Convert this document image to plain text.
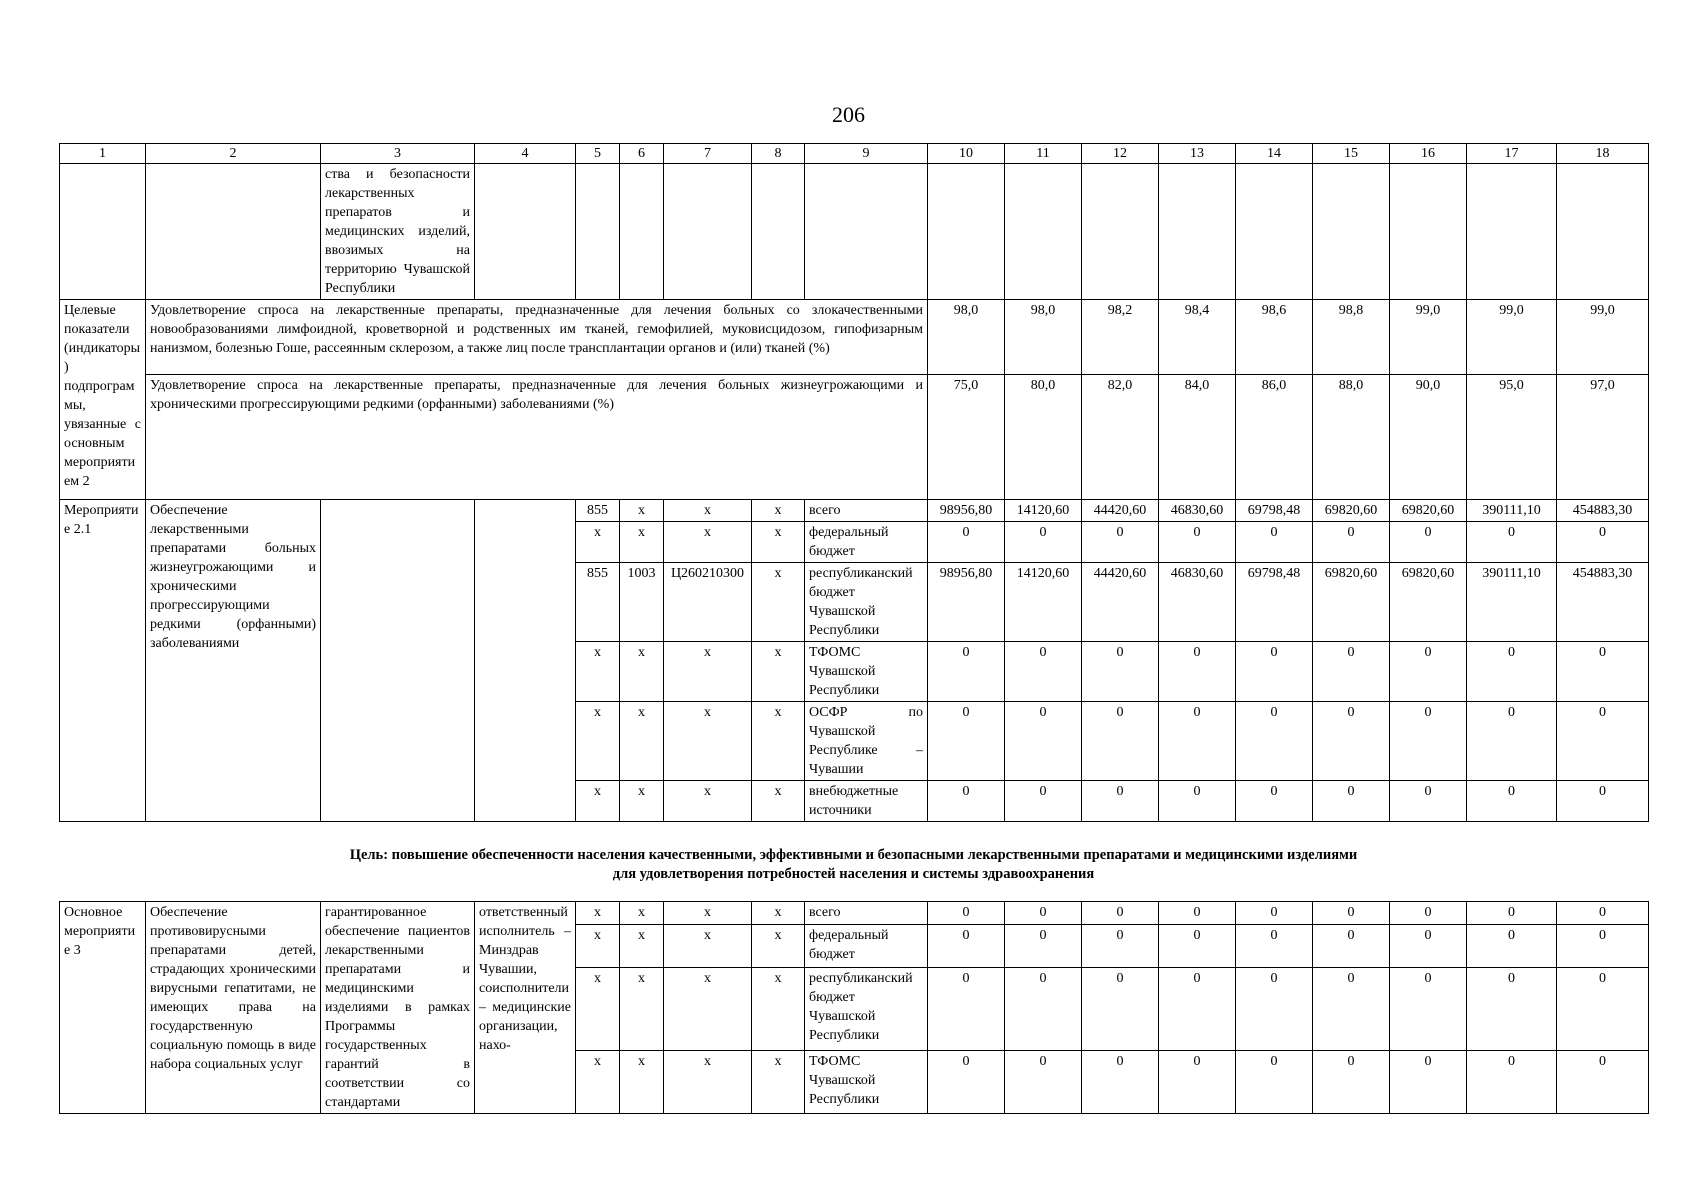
206
1	2	3	4	5	6	7	8	9	10	11	12	13	14	15	16	17	18
		ства и безопасности лекарственных препаратов и медицинских изделий, ввозимых на территорию Чувашской Республики															
Целевые показатели (индикаторы) подпрограммы, увязанные с основным мероприятием 2	Удовлетворение спроса на лекарственные препараты, предназначенные для лечения больных со злокачественными новообразованиями лимфоидной, кроветворной и родственных им тканей, гемофилией, муковисцидозом, гипофизарным нанизмом, болезнью Гоше, рассеянным склерозом, а также лиц после трансплантации органов и (или) тканей (%)								98,0	98,0	98,2	98,4	98,6	98,8	99,0	99,0	99,0
	Удовлетворение спроса на лекарственные препараты, предназначенные для лечения больных жизнеугрожающими и хроническими прогрессирующими редкими (орфанными) заболеваниями (%)								75,0	80,0	82,0	84,0	86,0	88,0	90,0	95,0	97,0
Мероприятие 2.1	Обеспечение лекарственными препаратами больных жизнеугрожающими и хроническими прогрессирующими редкими (орфанными) заболеваниями			855	x	x	x	всего	98956,80	14120,60	44420,60	46830,60	69798,48	69820,60	69820,60	390111,10	454883,30
				x	x	x	x	федеральный бюджет	0	0	0	0	0	0	0	0	0
				855	1003	Ц260210300	x	республиканский бюджет Чувашской Республики	98956,80	14120,60	44420,60	46830,60	69798,48	69820,60	69820,60	390111,10	454883,30
				x	x	x	x	ТФОМС Чувашской Республики	0	0	0	0	0	0	0	0	0
				x	x	x	x	ОСФР по Чувашской Республике – Чувашии	0	0	0	0	0	0	0	0	0
				x	x	x	x	внебюджетные источники	0	0	0	0	0	0	0	0	0
Цель: повышение обеспеченности населения качественными, эффективными и безопасными лекарственными препаратами и медицинскими изделиями
для удовлетворения потребностей населения и системы здравоохранения
Основное мероприятие 3	Обеспечение противовирусными препаратами детей, страдающих хроническими вирусными гепатитами, не имеющих права на государственную социальную помощь в виде набора социальных услуг	гарантированное обеспечение пациентов лекарственными препаратами и медицинскими изделиями в рамках Программы государственных гарантий в соответствии со стандартами	ответственный исполнитель – Минздрав Чувашии, соисполнители – медицинские организации, нахо-	x	x	x	x	всего	0	0	0	0	0	0	0	0	0
				x	x	x	x	федеральный бюджет	0	0	0	0	0	0	0	0	0
				x	x	x	x	республиканский бюджет Чувашской Республики	0	0	0	0	0	0	0	0	0
				x	x	x	x	ТФОМС Чувашской Республики	0	0	0	0	0	0	0	0	0
